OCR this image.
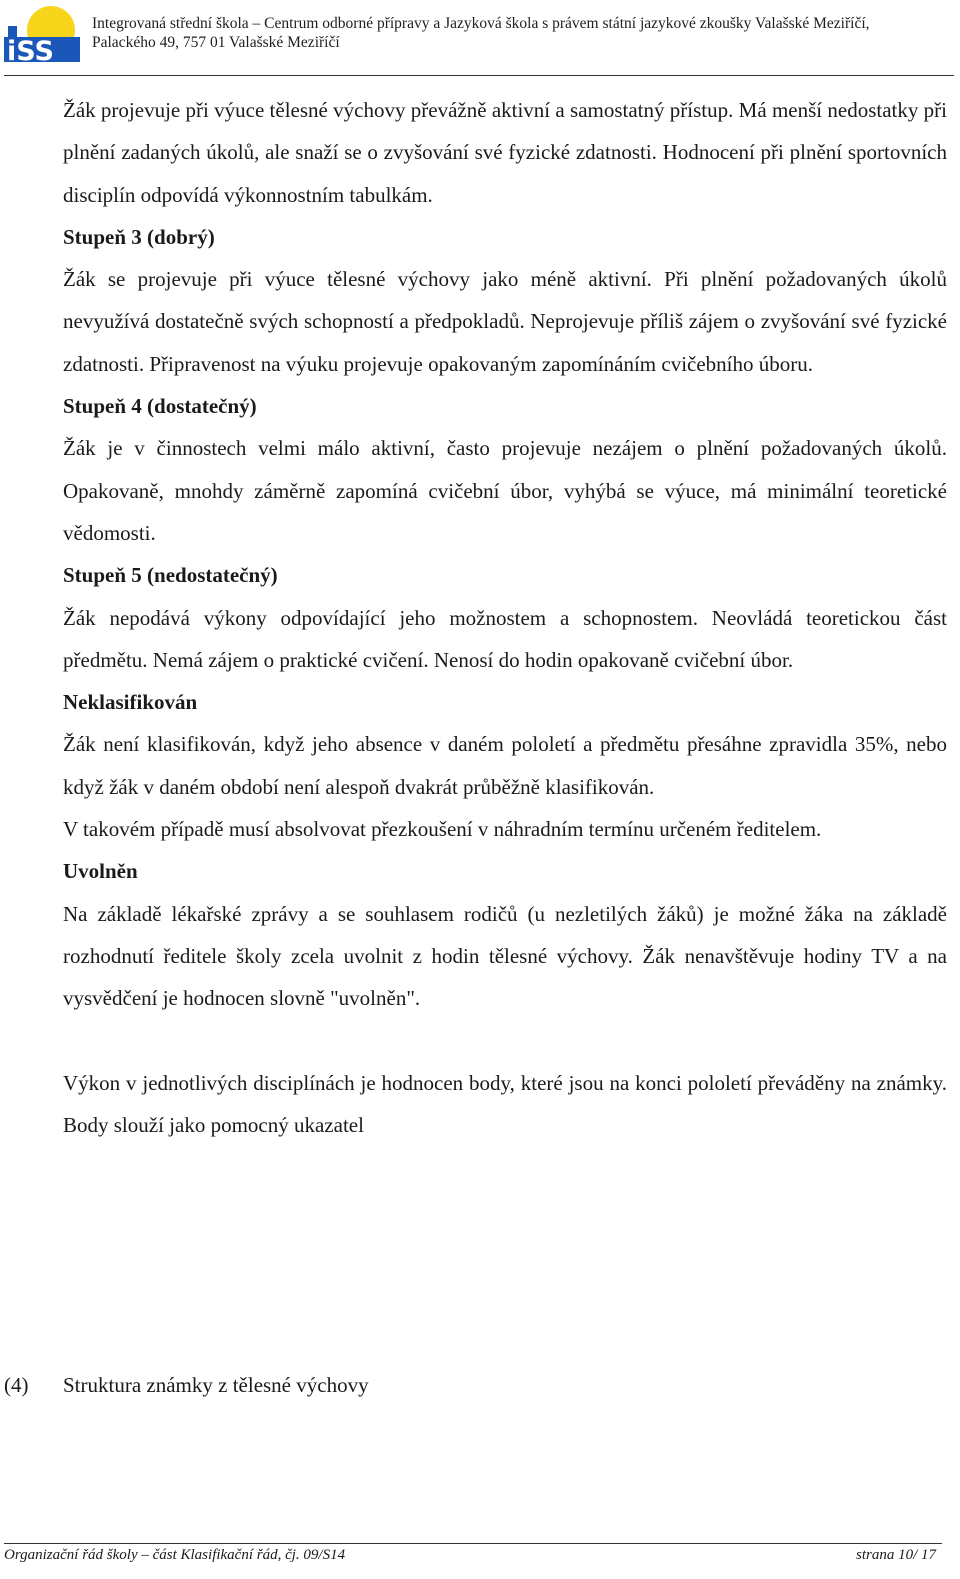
iSS
Integrovaná střední škola – Centrum odborné přípravy a Jazyková škola s právem státní jazykové zkoušky Valašské Meziříčí,
Palackého 49, 757 01 Valašské Meziříčí

Žák projevuje při výuce tělesné výchovy převážně aktivní a samostatný přístup. Má menší nedostatky při plnění zadaných úkolů, ale snaží se o zvyšování své fyzické zdatnosti. Hodnocení při plnění sportovních disciplín odpovídá výkonnostním tabulkám.

Stupeň 3 (dobrý)

Žák se projevuje při výuce tělesné výchovy jako méně aktivní. Při plnění požadovaných úkolů nevyužívá dostatečně svých schopností a předpokladů. Neprojevuje příliš zájem o zvyšování své fyzické zdatnosti. Připravenost na výuku projevuje opakovaným zapomínáním cvičebního úboru.

Stupeň 4 (dostatečný)

Žák je v činnostech velmi málo aktivní, často projevuje nezájem o plnění požadovaných úkolů. Opakovaně, mnohdy záměrně zapomíná cvičební úbor, vyhýbá se výuce, má minimální teoretické vědomosti.

Stupeň 5 (nedostatečný)

Žák nepodává výkony odpovídající jeho možnostem a schopnostem. Neovládá teoretickou část předmětu. Nemá zájem o praktické cvičení. Nenosí do hodin opakovaně cvičební úbor.

Neklasifikován

Žák není klasifikován, když jeho absence v daném pololetí a předmětu přesáhne zpravidla 35%, nebo když žák v daném období není alespoň dvakrát průběžně klasifikován.

V takovém případě musí absolvovat přezkoušení v náhradním termínu určeném ředitelem.

Uvolněn

Na základě lékařské zprávy a se souhlasem rodičů (u nezletilých žáků) je možné žáka na základě rozhodnutí ředitele školy zcela uvolnit z hodin tělesné výchovy. Žák nenavštěvuje hodiny TV a na vysvědčení je hodnocen slovně "uvolněn".

Výkon v jednotlivých disciplínách je hodnocen body, které jsou na konci pololetí převáděny na známky. Body slouží jako pomocný ukazatel

(4) Struktura známky z tělesné výchovy
Organizační řád školy – část Klasifikační řád, čj. 09/S14	strana 10/ 17
